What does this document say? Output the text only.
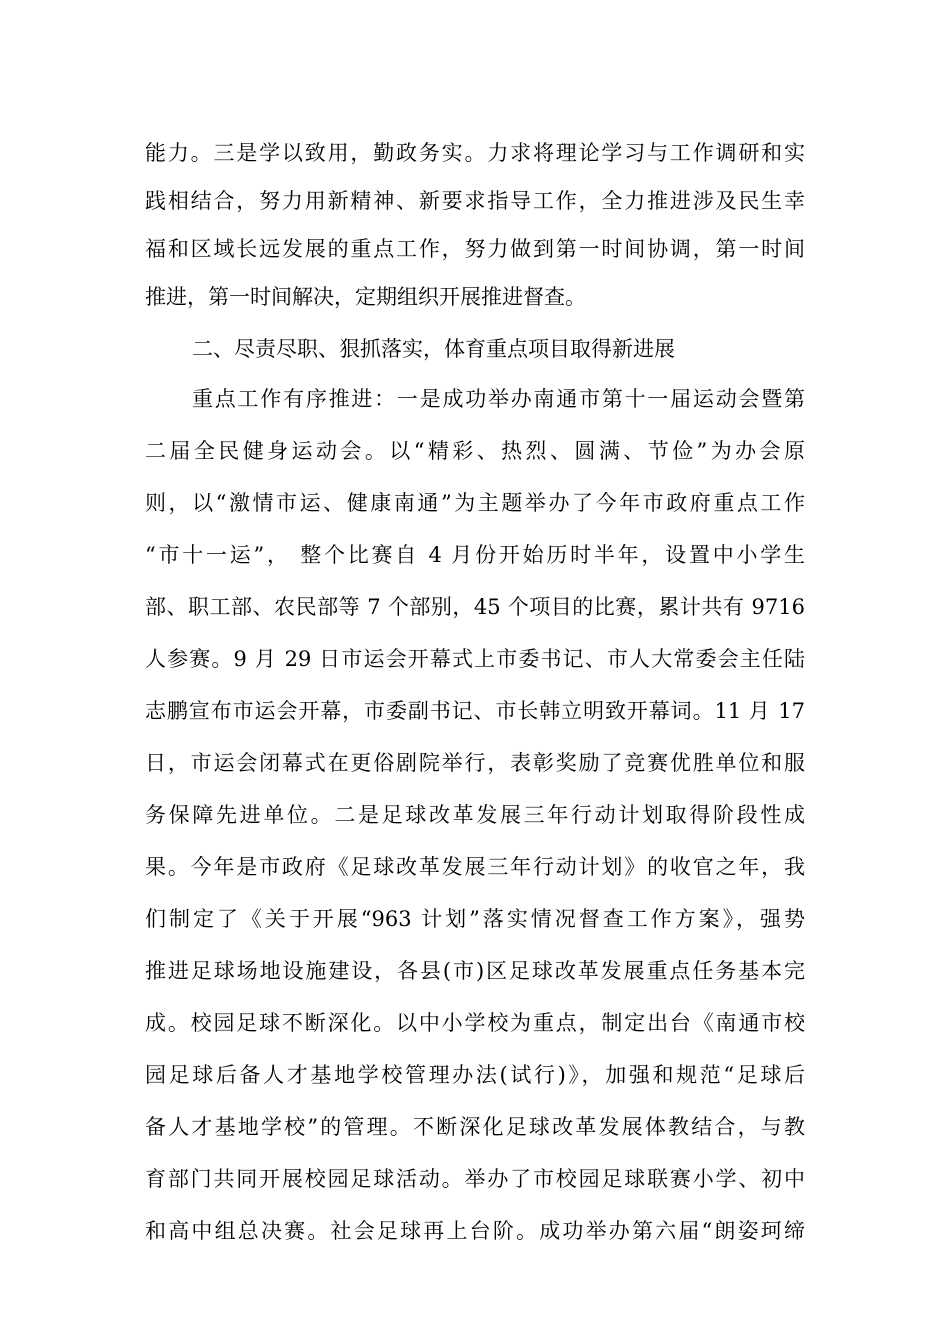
能力。三是学以致用，勤政务实。力求将理论学习与工作调研和实
践相结合，努力用新精神、新要求指导工作，全力推进涉及民生幸
福和区域长远发展的重点工作，努力做到第一时间协调，第一时间
推进，第一时间解决，定期组织开展推进督查。
二、尽责尽职、狠抓落实，体育重点项目取得新进展
重点工作有序推进：一是成功举办南通市第十一届运动会暨第
二届全民健身运动会。以“精彩、热烈、圆满、节俭”为办会原
则，以“激情市运、健康南通”为主题举办了今年市政府重点工作
“市十一运”， 整个比赛自 4 月份开始历时半年，设置中小学生
部、职工部、农民部等 7 个部别，45 个项目的比赛，累计共有 9716
人参赛。9 月 29 日市运会开幕式上市委书记、市人大常委会主任陆
志鹏宣布市运会开幕，市委副书记、市长韩立明致开幕词。11 月 17
日，市运会闭幕式在更俗剧院举行，表彰奖励了竞赛优胜单位和服
务保障先进单位。二是足球改革发展三年行动计划取得阶段性成
果。今年是市政府《足球改革发展三年行动计划》的收官之年，我
们制定了《关于开展“963 计划”落实情况督查工作方案》，强势
推进足球场地设施建设，各县(市)区足球改革发展重点任务基本完
成。校园足球不断深化。以中小学校为重点，制定出台《南通市校
园足球后备人才基地学校管理办法(试行)》，加强和规范“足球后
备人才基地学校”的管理。不断深化足球改革发展体教结合，与教
育部门共同开展校园足球活动。举办了市校园足球联赛小学、初中
和高中组总决赛。社会足球再上台阶。成功举办第六届“朗姿珂缔
